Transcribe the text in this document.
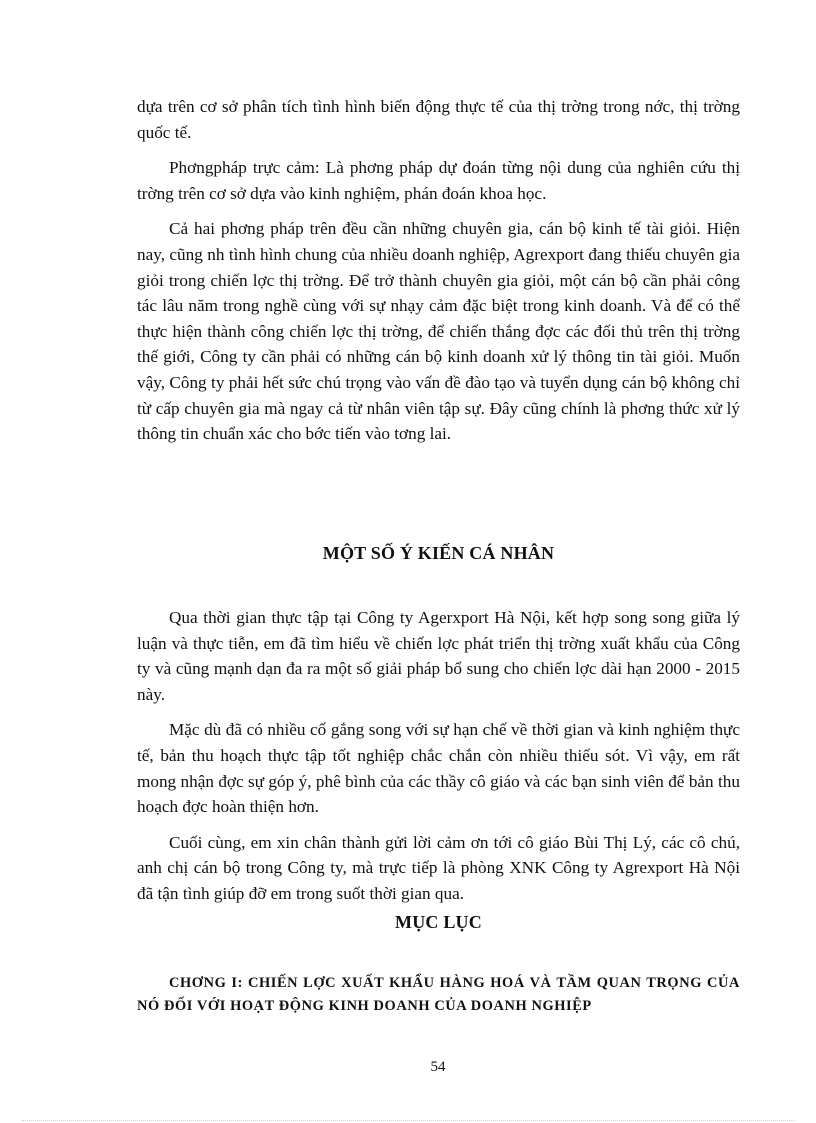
dựa trên cơ sở phân tích tình hình biến động thực tế của thị trờng trong nớc, thị trờng quốc tế.

Phơngpháp trực cảm: Là phơng pháp dự đoán từng nội dung của nghiên cứu thị trờng trên cơ sở dựa vào kinh nghiệm, phán đoán khoa học.

Cả hai phơng pháp trên đều cần những chuyên gia, cán bộ kinh tế tài giỏi. Hiện nay, cũng nh tình hình chung của nhiều doanh nghiệp, Agrexport đang thiếu chuyên gia giỏi trong chiến lợc thị trờng. Để trở thành chuyên gia giỏi, một cán bộ cần phải công tác lâu năm trong nghề cùng với sự nhạy cảm đặc biệt trong kinh doanh. Và để có thể thực hiện thành công chiến lợc thị trờng, để chiến thắng đợc các đối thủ trên thị trờng thế giới, Công ty cần phải có những cán bộ kinh doanh xử lý thông tin tài giỏi. Muốn vậy, Công ty phải hết sức chú trọng vào vấn đề đào tạo và tuyển dụng cán bộ không chỉ từ cấp chuyên gia mà ngay cả từ nhân viên tập sự. Đây cũng chính là phơng thức xử lý thông tin chuẩn xác cho bớc tiến vào tơng lai.

MỘT SỐ Ý KIẾN CÁ NHÂN

Qua thời gian thực tập tại Công ty Agerxport Hà Nội, kết hợp song song giữa lý luận và thực tiễn, em đã tìm hiểu về chiến lợc phát triển thị trờng xuất khẩu của Công ty và cũng mạnh dạn đa ra một số giải pháp bổ sung cho chiến lợc dài hạn 2000 - 2015 này.

Mặc dù đã có nhiều cố gắng song với sự hạn chế về thời gian và kinh nghiệm thực tế, bản thu hoạch thực tập tốt nghiệp chắc chắn còn nhiều thiếu sót. Vì vậy, em rất mong nhận đợc sự góp ý, phê bình của các thầy cô giáo và các bạn sinh viên để bản thu hoạch đợc hoàn thiện hơn.

Cuối cùng, em xin chân thành gửi lời cảm ơn tới cô giáo Bùi Thị Lý, các cô chú, anh chị cán bộ trong Công ty, mà trực tiếp là phòng XNK Công ty Agrexport Hà Nội đã tận tình giúp đỡ em trong suốt thời gian qua.

MỤC LỤC

CHƠNG I: CHIẾN LỢC XUẤT KHẨU HÀNG HOÁ VÀ TẦM QUAN TRỌNG CỦA NÓ ĐỐI VỚI HOẠT ĐỘNG KINH DOANH CỦA DOANH NGHIỆP

54
